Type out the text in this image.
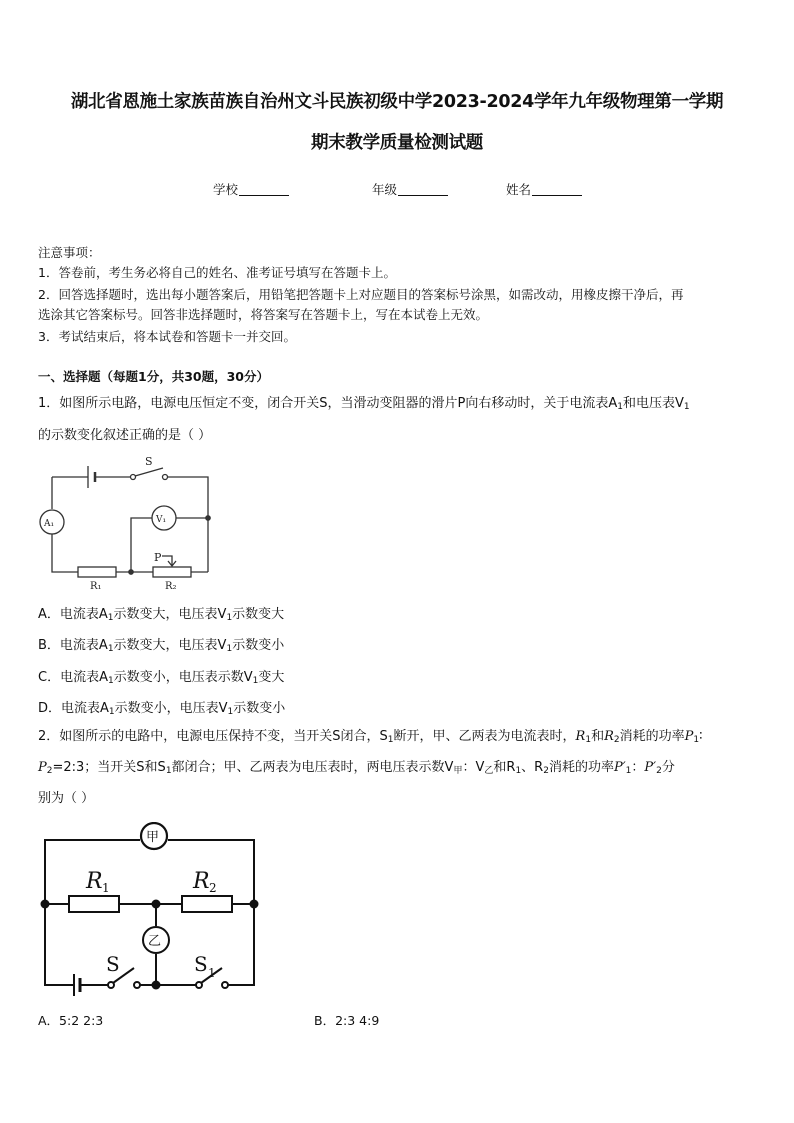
湖北省恩施土家族苗族自治州文斗民族初级中学2023-2024学年九年级物理第一学期
期末教学质量检测试题
学校	年级	姓名
注意事项：
1．答卷前，考生务必将自己的姓名、准考证号填写在答题卡上。
2．回答选择题时，选出每小题答案后，用铅笔把答题卡上对应题目的答案标号涂黑，如需改动，用橡皮擦干净后，再
选涂其它答案标号。回答非选择题时，将答案写在答题卡上，写在本试卷上无效。
3．考试结束后，将本试卷和答题卡一并交回。
一、选择题（每题1分，共30题，30分）
1．如图所示电路，电源电压恒定不变，闭合开关S，当滑动变阻器的滑片P向右移动时，关于电流表$A_1$和电压表$V_1$
的示数变化叙述正确的是（ ）
S
A₁	V₁
P
R₁	R₂
A．电流表$A_1$示数变大，电压表$V_1$示数变大
B．电流表$A_1$示数变大，电压表$V_1$示数变小
C．电流表$A_1$示数变小，电压表示数$V_1$变大
D．电流表$A_1$示数变小，电压表$V_1$示数变小
2．如图所示的电路中，电源电压保持不变，当开关S闭合，$S_1$断开，甲、乙两表为电流表时，$R_1$和$R_2$消耗的功率$P_1∶$
$P_2=2:3$；当开关S和$S_1$都闭合；甲、乙两表为电压表时，两电压表示数$V_甲$：$V_乙$和$R_1$、$R_2$消耗的功率$P'_1$：$P'_2$分
别为（ ）
甲
乙
R 1	R 2
S	S 1
A．5:2 2:3	B．2:3 4:9
